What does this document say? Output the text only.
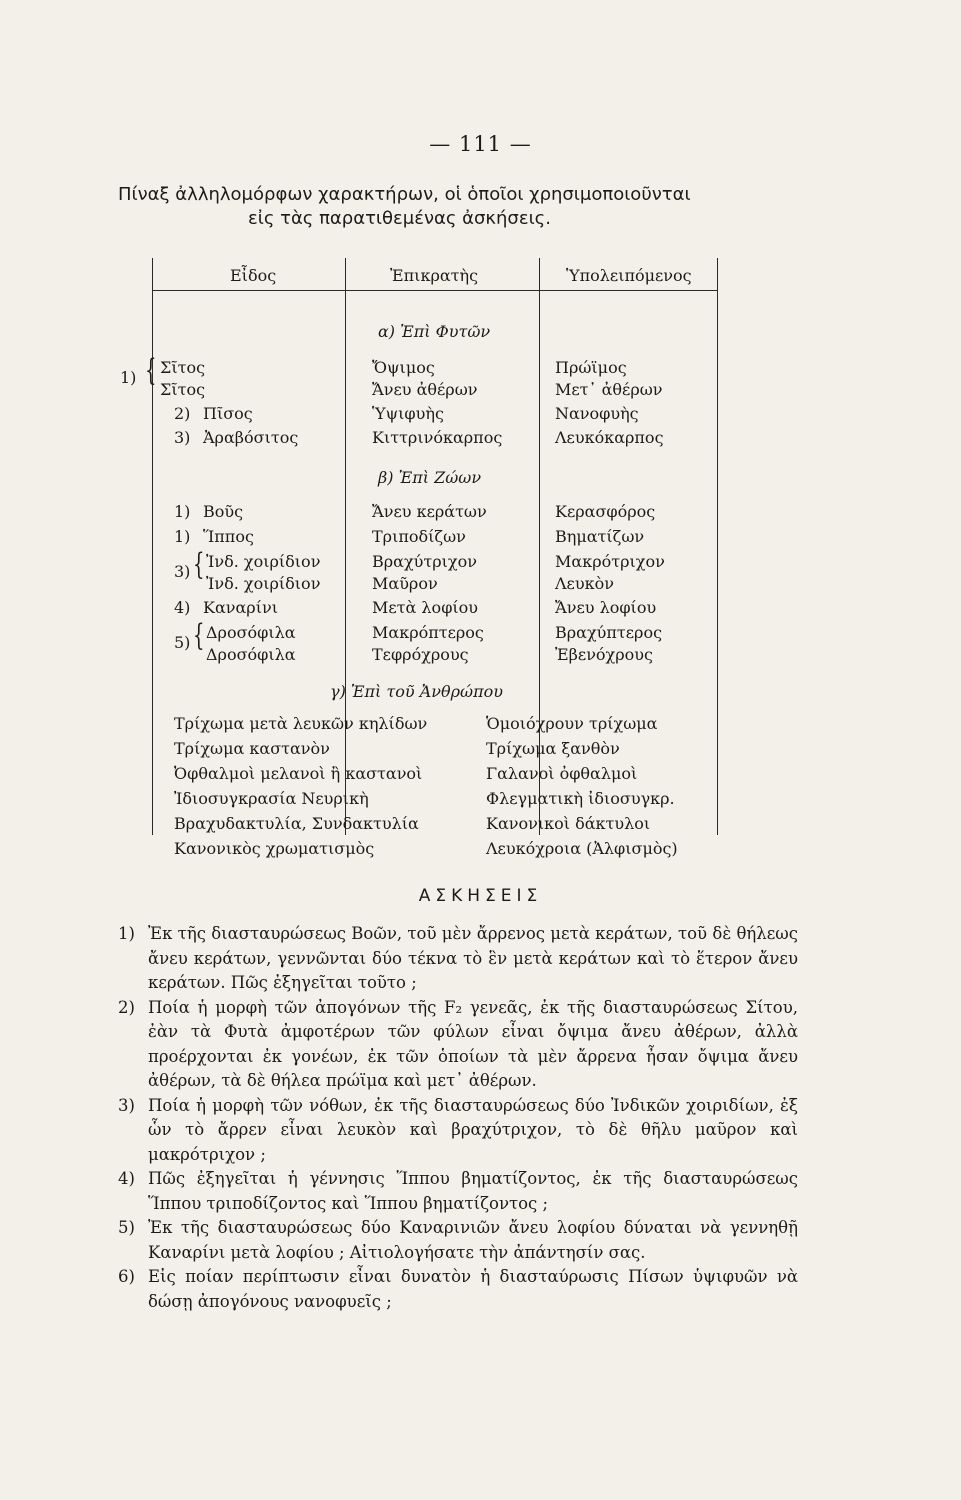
— 111 —
Πίναξ ἀλληλομόρφων χαρακτήρων, οἱ ὁποῖοι χρησιμοποιοῦνται
εἰς τὰς παρατιθεμένας ἀσκήσεις.
Εἶδος	Ἐπικρατὴς	Ὑπολειπόμενος
α) Ἐπὶ Φυτῶν
1) { Σῖτος	Ὄψιμος	Πρώϊμος
Σῖτος	Ἄνευ ἀθέρων	Μετ᾽ ἀθέρων
2) Πῖσος	Ὑψιφυὴς	Νανοφυὴς
3) Ἀραβόσιτος	Κιττρινόκαρπος	Λευκόκαρπος
β) Ἐπὶ Ζώων
1) Βοῦς	Ἄνευ κεράτων	Κερασφόρος
1) Ἵππος	Τριποδίζων	Βηματίζων
3) { Ἰνδ. χοιρίδιον	Βραχύτριχον	Μακρότριχον
Ἰνδ. χοιρίδιον	Μαῦρον	Λευκὸν
4) Καναρίνι	Μετὰ λοφίου	Ἄνευ λοφίου
5) { Δροσόφιλα	Μακρόπτερος	Βραχύπτερος
Δροσόφιλα	Τεφρόχρους	Ἐβενόχρους
γ) Ἐπὶ τοῦ Ἀνθρώπου
Τρίχωμα μετὰ λευκῶν κηλίδων	Ὁμοιόχρουν τρίχωμα
Τρίχωμα καστανὸν	Τρίχωμα ξανθὸν
Ὀφθαλμοὶ μελανοὶ ἢ καστανοὶ	Γαλανοὶ ὀφθαλμοὶ
Ἰδιοσυγκρασία Νευρικὴ	Φλεγματικὴ ἰδιοσυγκρ.
Βραχυδακτυλία, Συνδακτυλία	Κανονικοὶ δάκτυλοι
Κανονικὸς χρωματισμὸς	Λευκόχροια (Ἀλφισμὸς)
ΑΣΚΗΣΕΙΣ

1) Ἐκ τῆς διασταυρώσεως Βοῶν, τοῦ μὲν ἄρρενος μετὰ κεράτων, τοῦ δὲ θήλεως ἄνευ κεράτων, γεννῶνται δύο τέκνα τὸ ἓν μετὰ κεράτων καὶ τὸ ἕτερον ἄνευ κεράτων. Πῶς ἐξηγεῖται τοῦτο ;

2) Ποία ἡ μορφὴ τῶν ἀπογόνων τῆς F₂ γενεᾶς, ἐκ τῆς διασταυρώσεως Σίτου, ἐὰν τὰ Φυτὰ ἀμφοτέρων τῶν φύλων εἶναι ὄψιμα ἄνευ ἀθέρων, ἀλλὰ προέρχονται ἐκ γονέων, ἐκ τῶν ὁποίων τὰ μὲν ἄρρενα ἦσαν ὄψιμα ἄνευ ἀθέρων, τὰ δὲ θήλεα πρώϊμα καὶ μετ᾽ ἀθέρων.

3) Ποία ἡ μορφὴ τῶν νόθων, ἐκ τῆς διασταυρώσεως δύο Ἰνδικῶν χοιριδίων, ἐξ ὧν τὸ ἄρρεν εἶναι λευκὸν καὶ βραχύτριχον, τὸ δὲ θῆλυ μαῦρον καὶ μακρότριχον ;

4) Πῶς ἐξηγεῖται ἡ γέννησις Ἵππου βηματίζοντος, ἐκ τῆς διασταυρώσεως Ἵππου τριποδίζοντος καὶ Ἵππου βηματίζοντος ;

5) Ἐκ τῆς διασταυρώσεως δύο Καναρινιῶν ἄνευ λοφίου δύναται νὰ γεννηθῇ Καναρίνι μετὰ λοφίου ; Αἰτιολογήσατε τὴν ἀπάντησίν σας.

6) Εἰς ποίαν περίπτωσιν εἶναι δυνατὸν ἡ διασταύρωσις Πίσων ὑψιφυῶν νὰ δώσῃ ἀπογόνους νανοφυεῖς ;
